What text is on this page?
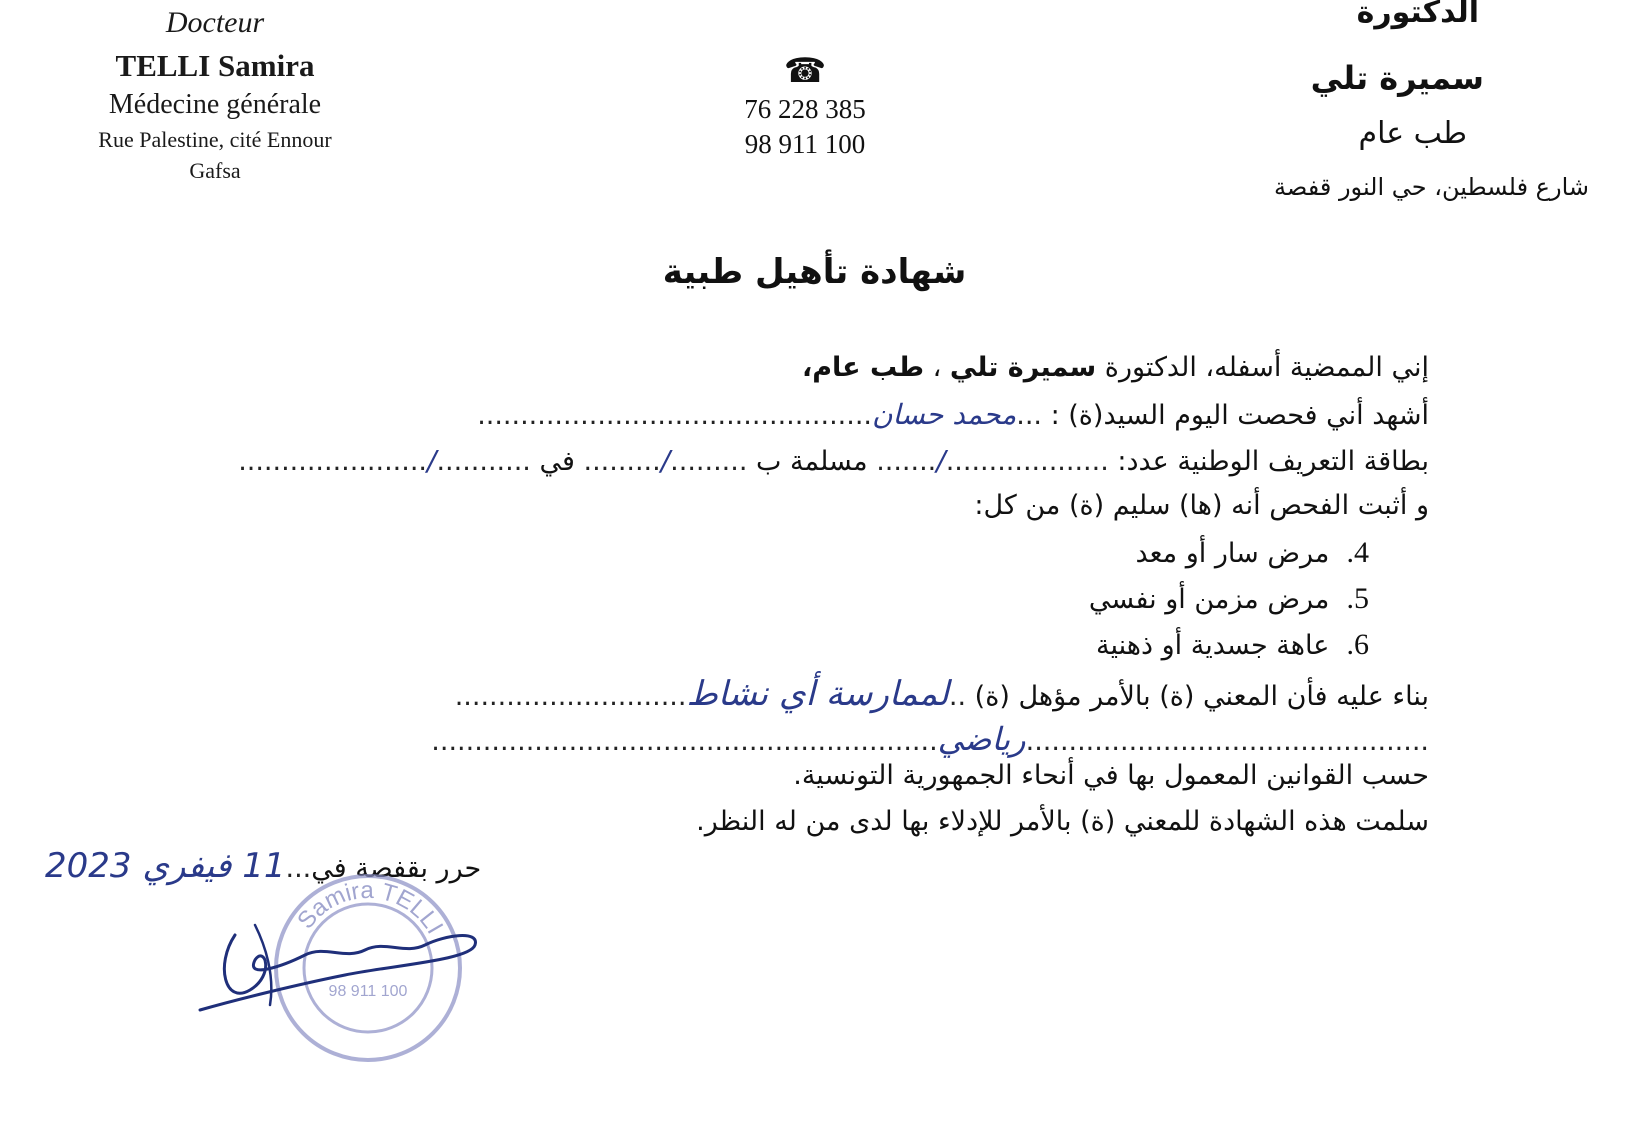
Docteur
TELLI Samira
Médecine générale
Rue Palestine, cité Ennour
Gafsa
☎
76 228 385
98 911 100
الدكتورة
سميرة تلي
طب عام
شارع فلسطين، حي النور قفصة
شهادة تأهيل طبية
إني الممضية أسفله، الدكتورة سميرة تلي ، طب عام،
أشهد أني فحصت اليوم السيد(ة) : ...محمد حسان..............................................
بطاقة التعريف الوطنية عدد: .................../....... مسلمة ب ........./......... في .........../......................
و أثبت الفحص أنه (ها) سليم (ة) من كل:
4.  مرض سار أو معد
5.  مرض مزمن أو نفسي
6.  عاهة جسدية أو ذهنية
بناء عليه فأن المعني (ة) بالأمر مؤهل (ة) ..لممارسة أي نشاط...........................
...............................................رياضي...........................................................
حسب القوانين المعمول بها في أنحاء الجمهورية التونسية.
سلمت هذه الشهادة للمعني (ة) بالأمر للإدلاء بها لدى من له النظر.
حرر بقفصة في...11 فيفري 2023
Samira TELLI
98 911 100
